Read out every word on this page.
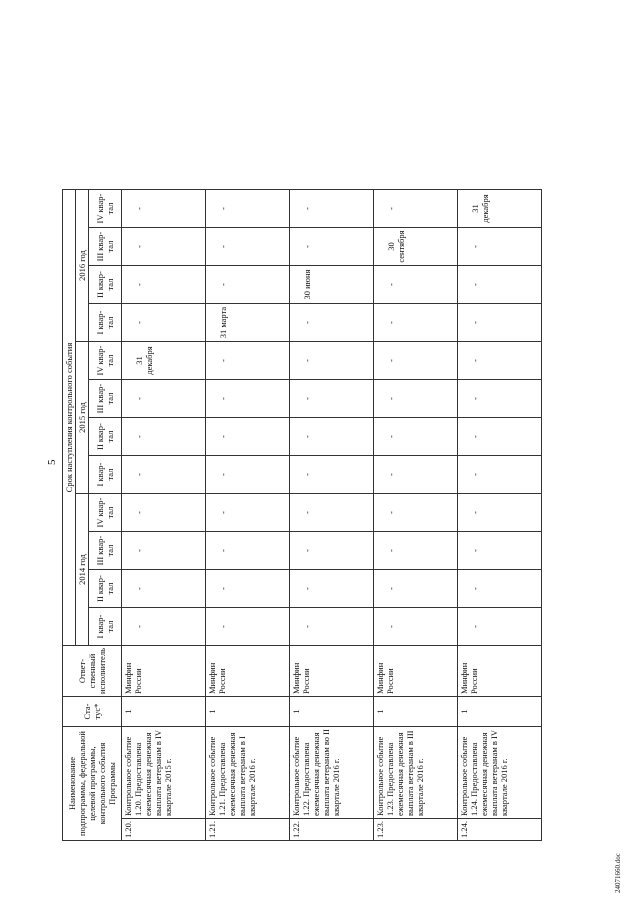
5
Наименование подпрограммы, федеральной целевой программы, контрольного события Программы		Ста-тус*	Ответ-ственный исполнитель	Срок наступления контрольного события											
				2014 год				2015 год				2016 год			
				I квар-тал	II квар-тал	III квар-тал	IV квар-тал	I квар-тал	II квар-тал	III квар-тал	IV квар-тал	I квар-тал	II квар-тал	III квар-тал	IV квар-тал
1.20.	Контрольное событие 1.20. Предоставлена ежемесячная денежная выплата ветеранам в IV квартале 2015 г.	1	Минфин России	-	-	-	-	-	-	-	31 декабря	-	-	-	-
1.21.	Контрольное событие 1.21. Предоставлена ежемесячная денежная выплата ветеранам в I квартале 2016 г.	1	Минфин России	-	-	-	-	-	-	-	-	31 марта	-	-	-
1.22.	Контрольное событие 1.22. Предоставлена ежемесячная денежная выплата ветеранам во II квартале 2016 г.	1	Минфин России	-	-	-	-	-	-	-	-	-	30 июня	-	-
1.23.	Контрольное событие 1.23. Предоставлена ежемесячная денежная выплата ветеранам в III квартале 2016 г.	1	Минфин России	-	-	-	-	-	-	-	-	-	-	30 сентября	-
1.24.	Контрольное событие 1.24. Предоставлена ежемесячная денежная выплата ветеранам в IV квартале 2016 г.	1	Минфин России	-	-	-	-	-	-	-	-	-	-	-	31 декабря
24071660.doc
